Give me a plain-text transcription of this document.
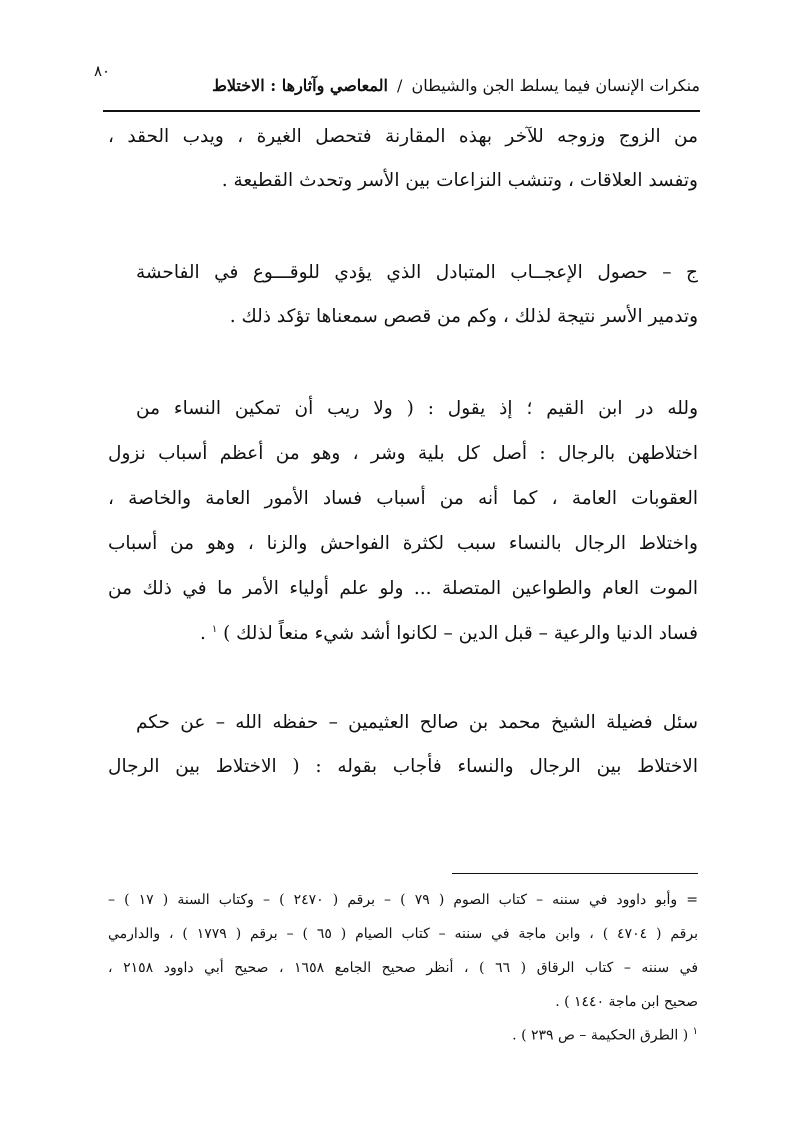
٨٠
منكرات الإنسان فيما يسلط الجن والشيطان / المعاصي وآثارها : الاختلاط
من الزوج وزوجه للآخر بهذه المقارنة فتحصل الغيرة ، ويدب الحقد ،
وتفسد العلاقات ، وتنشب النزاعات بين الأسر وتحدث القطيعة .
ج – حصول الإعجــاب المتبادل الذي يؤدي للوقـــوع في الفاحشة
وتدمير الأسر نتيجة لذلك ، وكم من قصص سمعناها تؤكد ذلك .
ولله در ابن القيم ؛ إذ يقول : ( ولا ريب أن تمكين النساء من
اختلاطهن بالرجال : أصل كل بلية وشر ، وهو من أعظم أسباب نزول
العقوبات العامة ، كما أنه من أسباب فساد الأمور العامة والخاصة ،
واختلاط الرجال بالنساء سبب لكثرة الفواحش والزنا ، وهو من أسباب
الموت العام والطواعين المتصلة ... ولو علم أولياء الأمر ما في ذلك من
فساد الدنيا والرعية – قبل الدين – لكانوا أشد شيء منعاً لذلك ) $^١$ .
سئل فضيلة الشيخ محمد بن صالح العثيمين – حفظه الله – عن حكم
الاختلاط بين الرجال والنساء فأجاب بقوله : ( الاختلاط بين الرجال
= وأبو داوود في سننه – كتاب الصوم ( ٧٩ ) – برقم ( ٢٤٧٠ ) – وكتاب السنة ( ١٧ ) –
برقم ( ٤٧٠٤ ) ، وابن ماجة في سننه – كتاب الصيام ( ٦٥ ) – برقم ( ١٧٧٩ ) ، والدارمي
في سننه – كتاب الرقاق ( ٦٦ ) ، أنظر صحيح الجامع ١٦٥٨ ، صحيح أبي داوود ٢١٥٨ ،
صحيح ابن ماجة ١٤٤٠ ) .
$^١$ ( الطرق الحكيمة – ص ٢٣٩ ) .
